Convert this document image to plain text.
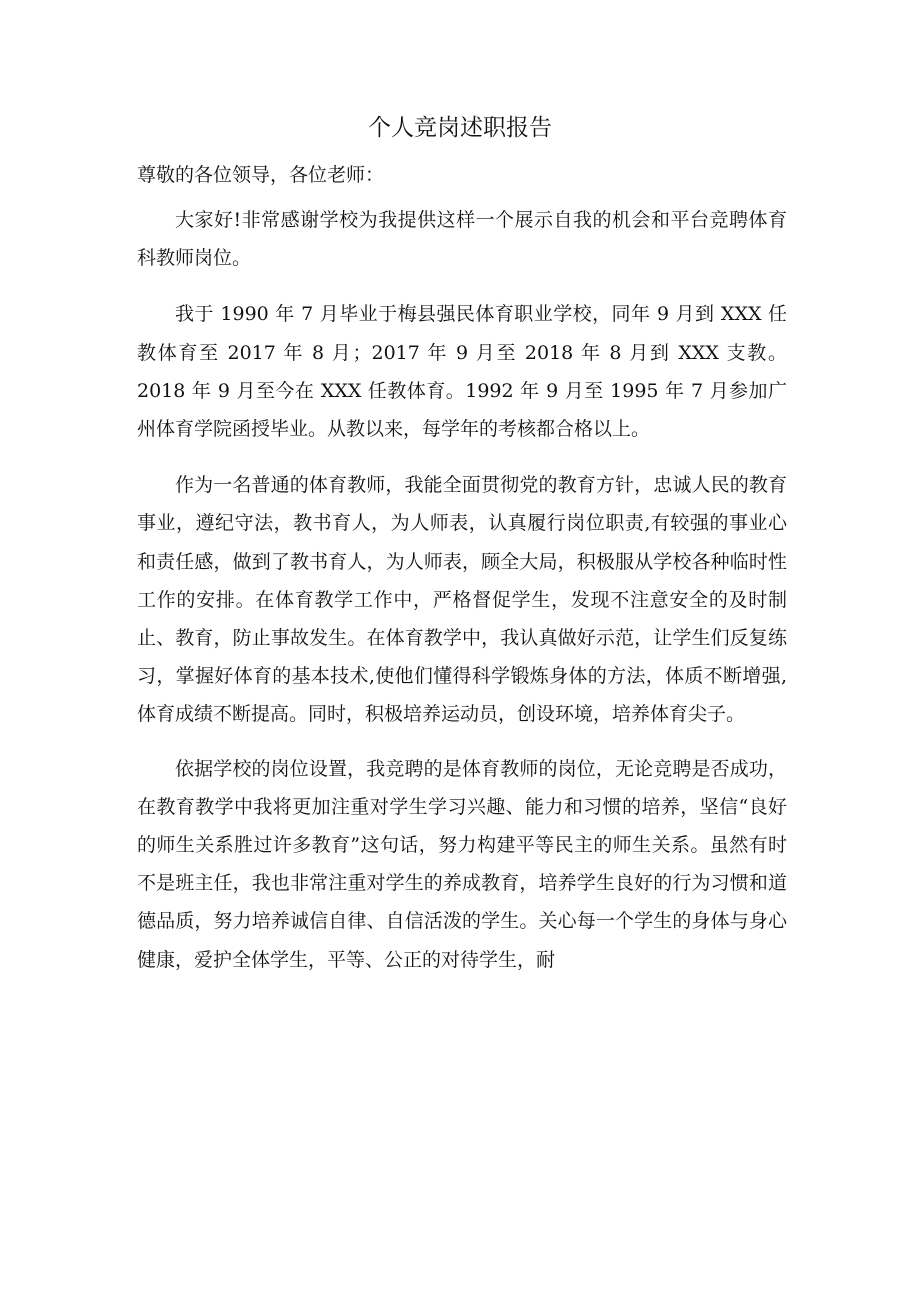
个人竞岗述职报告

尊敬的各位领导，各位老师：

大家好!非常感谢学校为我提供这样一个展示自我的机会和平台竞聘体育科教师岗位。

我于 1990 年 7 月毕业于梅县强民体育职业学校，同年 9 月到 XXX 任教体育至 2017 年 8 月；2017 年 9 月至 2018 年 8 月到 XXX 支教。2018 年 9 月至今在 XXX 任教体育。1992 年 9 月至 1995 年 7 月参加广州体育学院函授毕业。从教以来，每学年的考核都合格以上。

作为一名普通的体育教师，我能全面贯彻党的教育方针，忠诚人民的教育事业，遵纪守法，教书育人，为人师表，认真履行岗位职责,有较强的事业心和责任感，做到了教书育人，为人师表，顾全大局，积极服从学校各种临时性工作的安排。在体育教学工作中，严格督促学生，发现不注意安全的及时制止、教育，防止事故发生。在体育教学中，我认真做好示范，让学生们反复练习，掌握好体育的基本技术,使他们懂得科学锻炼身体的方法，体质不断增强,体育成绩不断提高。同时，积极培养运动员，创设环境，培养体育尖子。

依据学校的岗位设置，我竞聘的是体育教师的岗位，无论竞聘是否成功，在教育教学中我将更加注重对学生学习兴趣、能力和习惯的培养，坚信“良好的师生关系胜过许多教育”这句话，努力构建平等民主的师生关系。虽然有时不是班主任，我也非常注重对学生的养成教育，培养学生良好的行为习惯和道德品质，努力培养诚信自律、自信活泼的学生。关心每一个学生的身体与身心健康，爱护全体学生，平等、公正的对待学生，耐
